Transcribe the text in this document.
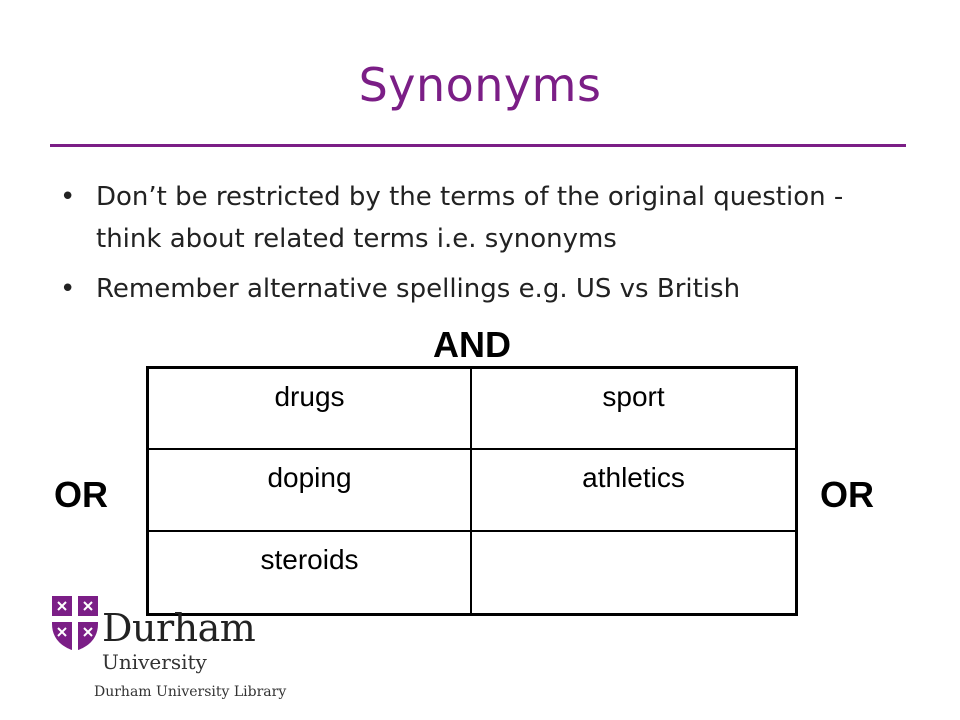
Synonyms
• Don’t be restricted by the terms of the original question - think about related terms i.e. synonyms
• Remember alternative spellings e.g. US vs British
AND
OR	OR
drugs	sport
doping	athletics
steroids
Durham
University
Durham University Library
